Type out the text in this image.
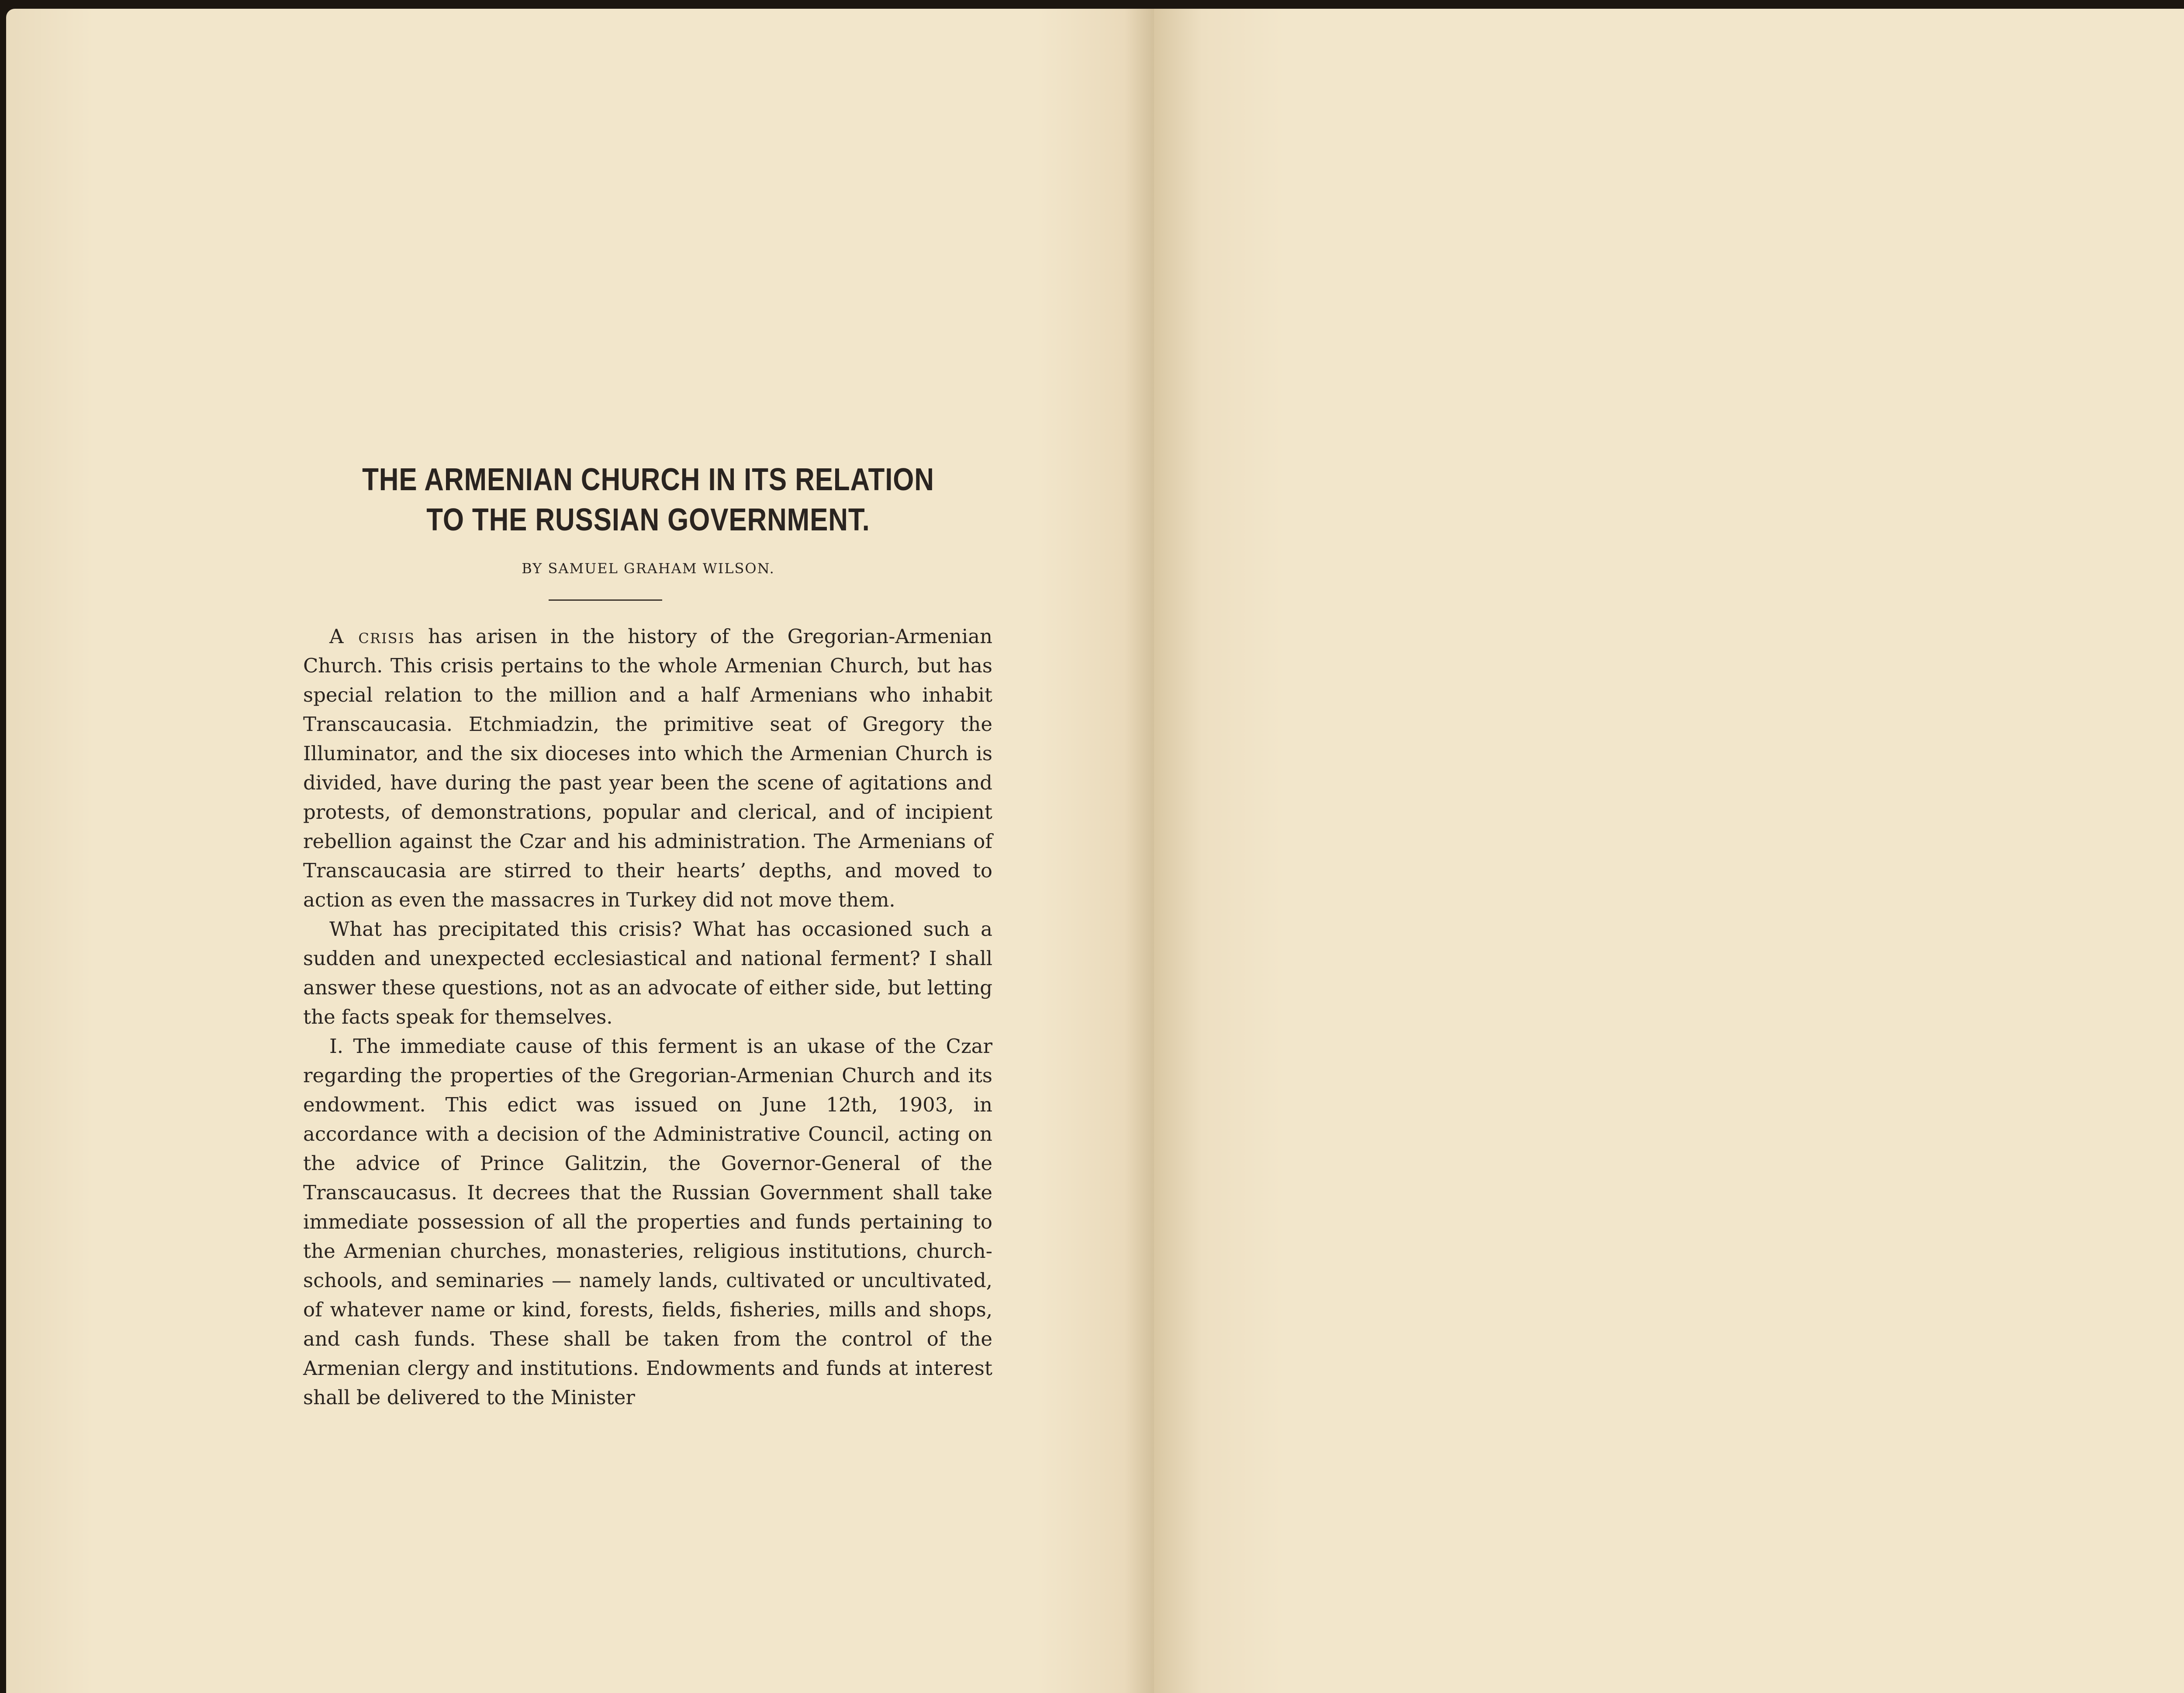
THE ARMENIAN CHURCH IN ITS RELATION
TO THE RUSSIAN GOVERNMENT.
BY SAMUEL GRAHAM WILSON.

A crisis has arisen in the history of the Gregorian-Armenian Church. This crisis pertains to the whole Armenian Church, but has special relation to the million and a half Armenians who inhabit Transcaucasia. Etchmiadzin, the primitive seat of Gregory the Illuminator, and the six dioceses into which the Armenian Church is divided, have during the past year been the scene of agitations and protests, of demonstrations, popular and clerical, and of incipient rebellion against the Czar and his administration. The Armenians of Transcaucasia are stirred to their hearts’ depths, and moved to action as even the massacres in Turkey did not move them.

What has precipitated this crisis? What has occasioned such a sudden and unexpected ecclesiastical and national ferment? I shall answer these questions, not as an advocate of either side, but letting the facts speak for themselves.

I. The immediate cause of this ferment is an ukase of the Czar regarding the properties of the Gregorian-Armenian Church and its endowment. This edict was issued on June 12th, 1903, in accordance with a decision of the Administrative Council, acting on the advice of Prince Galitzin, the Governor-General of the Transcaucasus. It decrees that the Russian Government shall take immediate possession of all the properties and funds pertaining to the Armenian churches, monasteries, religious institutions, church-schools, and seminaries — namely lands, cultivated or uncultivated, of whatever name or kind, forests, fields, fisheries, mills and shops, and cash funds. These shall be taken from the control of the Armenian clergy and institutions. Endowments and funds at interest shall be delivered to the Minister
